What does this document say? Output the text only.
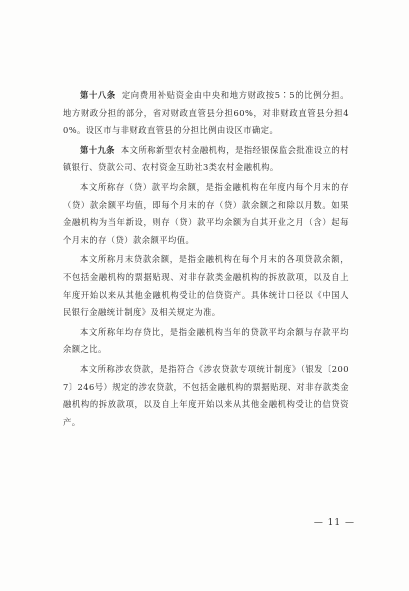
第十八条 定向费用补贴资金由中央和地方财政按5∶5的比例分担。地方财政分担的部分，省对财政直管县分担60%，对非财政直管县分担40%。设区市与非财政直管县的分担比例由设区市确定。

第十九条 本文所称新型农村金融机构，是指经银保监会批准设立的村镇银行、贷款公司、农村资金互助社3类农村金融机构。

本文所称存（贷）款平均余额，是指金融机构在年度内每个月末的存（贷）款余额平均值，即每个月末的存（贷）款余额之和除以月数。如果金融机构为当年新设，则存（贷）款平均余额为自其开业之月（含）起每个月末的存（贷）款余额平均值。

本文所称月末贷款余额，是指金融机构在每个月末的各项贷款余额，不包括金融机构的票据贴现、对非存款类金融机构的拆放款项，以及自上年度开始以来从其他金融机构受让的信贷资产。具体统计口径以《中国人民银行金融统计制度》及相关规定为准。

本文所称年均存贷比，是指金融机构当年的贷款平均余额与存款平均余额之比。

本文所称涉农贷款，是指符合《涉农贷款专项统计制度》（银发〔2007〕246号）规定的涉农贷款，不包括金融机构的票据贴现、对非存款类金融机构的拆放款项，以及自上年度开始以来从其他金融机构受让的信贷资产。

— 11 —
